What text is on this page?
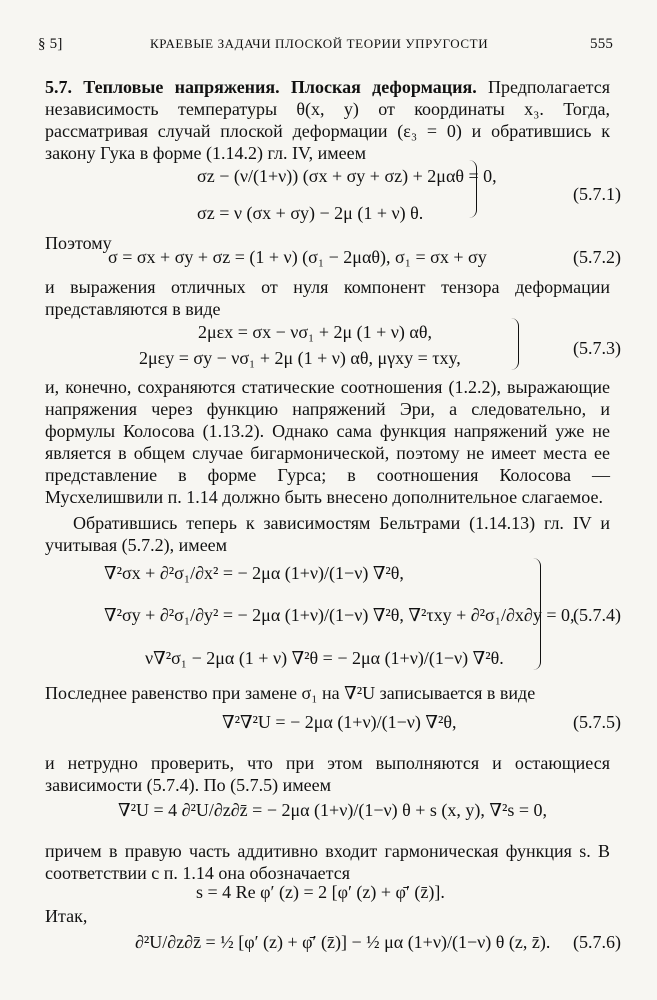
§ 5]	КРАЕВЫЕ ЗАДАЧИ ПЛОСКОЙ ТЕОРИИ УПРУГОСТИ	555

5.7. Тепловые напряжения. Плоская деформация. Предполагается независимость температуры θ(x, y) от координаты x₃. Тогда, рассматривая случай плоской деформации (ε₃ = 0) и обратившись к закону Гука в форме (1.14.2) гл. IV, имеем

σz − (ν/(1+ν)) (σx + σy + σz) + 2μαθ = 0,
σz = ν (σx + σy) − 2μ (1 + ν) θ.
(5.7.1)
Поэтому
σ = σx + σy + σz = (1 + ν) (σ₁ − 2μαθ), σ₁ = σx + σy	(5.7.2)

и выражения отличных от нуля компонент тензора деформации представляются в виде

2μεx = σx − νσ₁ + 2μ (1 + ν) αθ,
2μεy = σy − νσ₁ + 2μ (1 + ν) αθ, μγxy = τxy,	(5.7.3)

и, конечно, сохраняются статические соотношения (1.2.2), выражающие напряжения через функцию напряжений Эри, а следовательно, и формулы Колосова (1.13.2). Однако сама функция напряжений уже не является в общем случае бигармонической, поэтому не имеет места ее представление в форме Гурса; в соотношения Колосова — Мусхелишвили п. 1.14 должно быть внесено дополнительное слагаемое.

Обратившись теперь к зависимостям Бельтрами (1.14.13) гл. IV и учитывая (5.7.2), имеем

∇²σx + ∂²σ₁/∂x² = − 2μα (1+ν)/(1−ν) ∇²θ,
∇²σy + ∂²σ₁/∂y² = − 2μα (1+ν)/(1−ν) ∇²θ, ∇²τxy + ∂²σ₁/∂x∂y = 0,
ν∇²σ₁ − 2μα (1 + ν) ∇²θ = − 2μα (1+ν)/(1−ν) ∇²θ.
(5.7.4)

Последнее равенство при замене σ₁ на ∇²U записывается в виде

∇²∇²U = − 2μα (1+ν)/(1−ν) ∇²θ,	(5.7.5)

и нетрудно проверить, что при этом выполняются и остающиеся зависимости (5.7.4). По (5.7.5) имеем

∇²U = 4 ∂²U/∂z∂z̄ = − 2μα (1+ν)/(1−ν) θ + s (x, y), ∇²s = 0,

причем в правую часть аддитивно входит гармоническая функция s. В соответствии с п. 1.14 она обозначается

s = 4 Re φ′ (z) = 2 [φ′ (z) + φ̄′ (z̄)].
Итак,
∂²U/∂z∂z̄ = ½ [φ′ (z) + φ̄′ (z̄)] − ½ μα (1+ν)/(1−ν) θ (z, z̄). (5.7.6)
